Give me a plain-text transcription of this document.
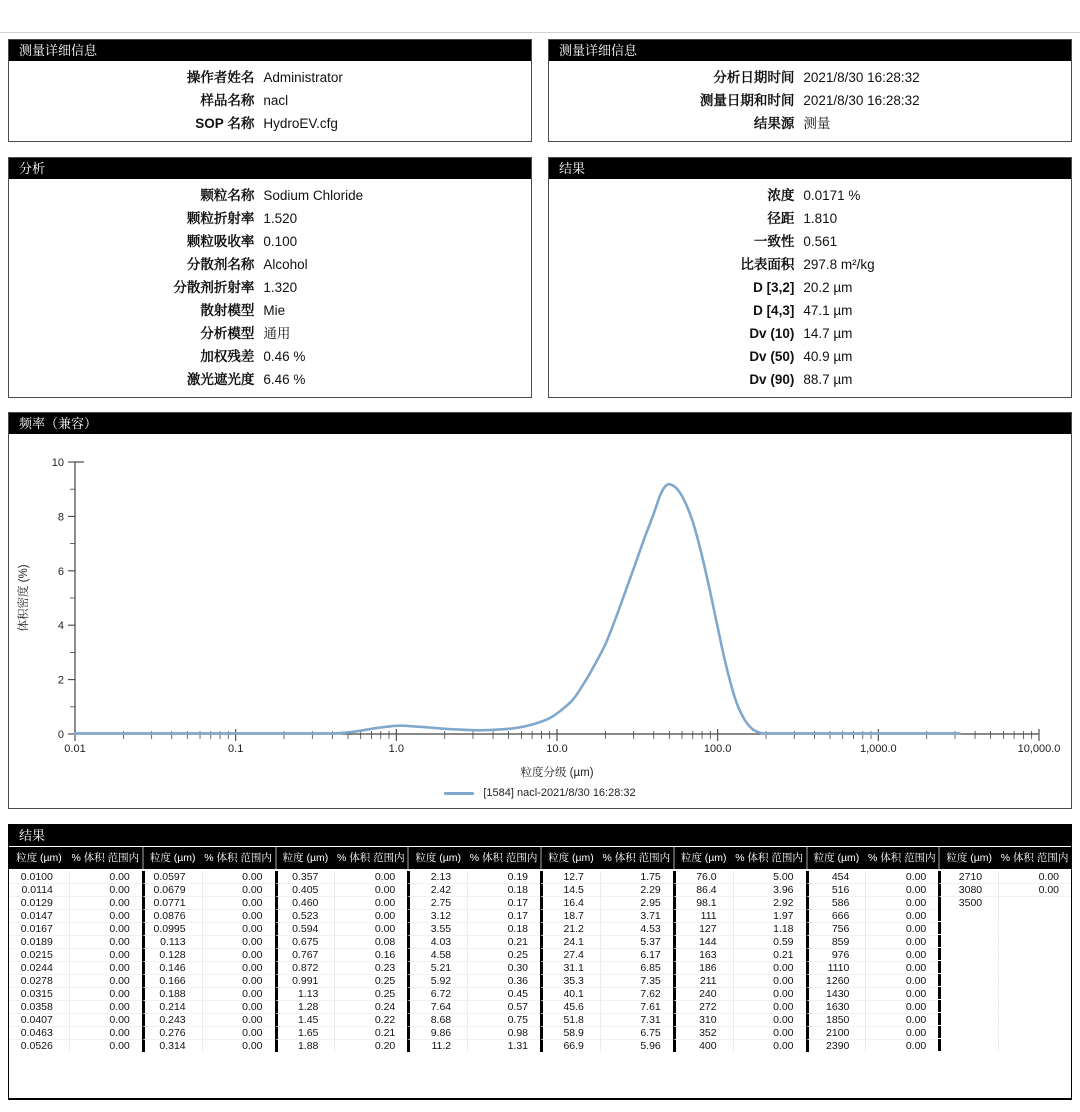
测量详细信息
操作者姓名 Administrator
样品名称 nacl
SOP 名称 HydroEV.cfg
测量详细信息
分析日期时间 2021/8/30 16:28:32
测量日期和时间 2021/8/30 16:28:32
结果源 测量
分析
颗粒名称 Sodium Chloride
颗粒折射率 1.520
颗粒吸收率 0.100
分散剂名称 Alcohol
分散剂折射率 1.320
散射模型 Mie
分析模型 通用
加权残差 0.46 %
激光遮光度 6.46 %
结果
浓度 0.0171 %
径距 1.810
一致性 0.561
比表面积 297.8 m²/kg
D [3,2] 20.2 µm
D [4,3] 47.1 µm
Dv (10) 14.7 µm
Dv (50) 40.9 µm
Dv (90) 88.7 µm
频率（兼容）
0.01	0.1	1.0	10.0	100.0	1,000.0	10,000.0
0
2
4
6
8
10
体积密度 (%)
粒度分级 (µm)
[1584] nacl-2021/8/30 16:28:32
结果
粒度 (µm) % 体积 范围内	粒度 (µm) % 体积 范围内	粒度 (µm) % 体积 范围内	粒度 (µm) % 体积 范围内	粒度 (µm) % 体积 范围内	粒度 (µm) % 体积 范围内	粒度 (µm) % 体积 范围内	粒度 (µm) % 体积 范围内
0.0100	0.00	0.0597	0.00	0.357	0.00	2.13	0.19	12.7	1.75	76.0	5.00	454	0.00	2710	0.00
0.0114	0.00	0.0679	0.00	0.405	0.00	2.42	0.18	14.5	2.29	86.4	3.96	516	0.00	3080	0.00
0.0129	0.00	0.0771	0.00	0.460	0.00	2.75	0.17	16.4	2.95	98.1	2.92	586	0.00	3500
0.0147	0.00	0.0876	0.00	0.523	0.00	3.12	0.17	18.7	3.71	111	1.97	666	0.00
0.0167	0.00	0.0995	0.00	0.594	0.00	3.55	0.18	21.2	4.53	127	1.18	756	0.00
0.0189	0.00	0.113	0.00	0.675	0.08	4.03	0.21	24.1	5.37	144	0.59	859	0.00
0.0215	0.00	0.128	0.00	0.767	0.16	4.58	0.25	27.4	6.17	163	0.21	976	0.00
0.0244	0.00	0.146	0.00	0.872	0.23	5.21	0.30	31.1	6.85	186	0.00	1110	0.00
0.0278	0.00	0.166	0.00	0.991	0.25	5.92	0.36	35.3	7.35	211	0.00	1260	0.00
0.0315	0.00	0.188	0.00	1.13	0.25	6.72	0.45	40.1	7.62	240	0.00	1430	0.00
0.0358	0.00	0.214	0.00	1.28	0.24	7.64	0.57	45.6	7.61	272	0.00	1630	0.00
0.0407	0.00	0.243	0.00	1.45	0.22	8.68	0.75	51.8	7.31	310	0.00	1850	0.00
0.0463	0.00	0.276	0.00	1.65	0.21	9.86	0.98	58.9	6.75	352	0.00	2100	0.00
0.0526	0.00	0.314	0.00	1.88	0.20	11.2	1.31	66.9	5.96	400	0.00	2390	0.00
